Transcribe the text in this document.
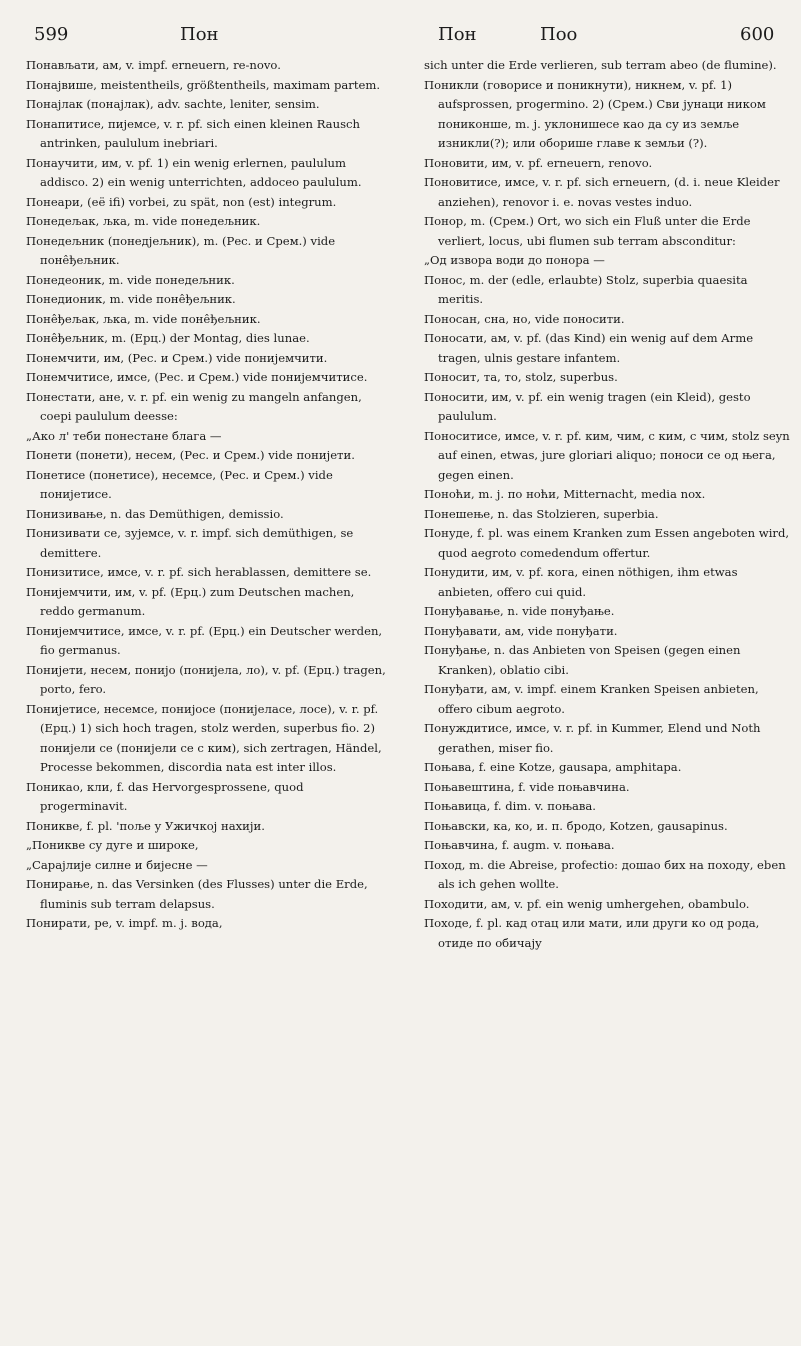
599	Пон	Пон	Поо	600

Понављати, ам, v. impf. erneuern, re-novo.

Понајвише, meistentheils, größtentheils, maximam partem.

Понајлак (понајлак), adv. sachte, leniter, sensim.

Понапитисе, пијемсе, v. r. pf. sich einen kleinen Rausch antrinken, paululum inebriari.

Понаучити, им, v. pf. 1) ein wenig erlernen, paululum addisco. 2) ein wenig unterrichten, addoceo paululum.

Понеари, (её ifi) vorbei, zu spät, non (est) integrum.

Понедељак, љка, m. vide понедељник.

Понедељник (понедјељник), m. (Рес. и Срем.) vide поне̂ђељник.

Понедеоник, m. vide понедељник.

Понедионик, m. vide поне̂ђељник.

Поне̂ђељак, љка, m. vide поне̂ђељник.

Поне̂ђељник, m. (Ерц.) der Montag, dies lunae.

Понемчити, им, (Рес. и Срем.) vide понијемчити.

Понемчитисе, имсе, (Рес. и Срем.) vide понијемчитисе.

Понестати, ане, v. r. pf. ein wenig zu mangeln anfangen, coepi paululum deesse:

„Ако л' теби понестане блага —

Понети (понети), несем, (Рес. и Срем.) vide понијети.

Понетисе (понетисе), несемсе, (Рес. и Срем.) vide понијетисе.

Понизивање, n. das Demüthigen, demissio.

Понизивати се, зујемсе, v. r. impf. sich demüthigen, se demittere.

Понизитисе, имсе, v. r. pf. sich herablassen, demittere se.

Понијемчити, им, v. pf. (Ерц.) zum Deutschen machen, reddo germanum.

Понијемчитисе, имсе, v. r. pf. (Ерц.) ein Deutscher werden, fio germanus.

Понијети, несем, понијо (понијела, ло), v. pf. (Ерц.) tragen, porto, fero.

Понијетисе, несемсе, понијосе (понијеласе, лосе), v. r. pf. (Ерц.) 1) sich hoch tragen, stolz werden, superbus fio. 2) понијели се (понијели се с ким), sich zertragen, Händel, Processe bekommen, discordia nata est inter illos.

Поникао, кли, f. das Hervorgesprossene, quod progerminavit.

Поникве, f. pl. 'поље у Ужичкој нахији.

„Поникве су дуге и широке,

„Сарајлије силне и бијесне —

Понирање, n. das Versinken (des Flusses) unter die Erde, fluminis sub terram delapsus.

Понирати, ре, v. impf. m. j. вода,

sich unter die Erde verlieren, sub terram abeo (de flumine).

Поникли (говорисе и поникнути), никнем, v. pf. 1) aufsprossen, progermino. 2) (Срем.) Сви јунаци ником пониконше, m. j. уклонишесе као да су из земље изникли(?); или оборише главе к земљи (?).

Поновити, им, v. pf. erneuern, renovo.

Поновитисе, имсе, v. r. pf. sich erneuern, (d. i. neue Kleider anziehen), renovor i. e. novas vestes induo.

Понор, m. (Срем.) Ort, wo sich ein Fluß unter die Erde verliert, locus, ubi flumen sub terram absconditur:

„Од извора води до понора —

Понос, m. der (edle, erlaubte) Stolz, superbia quaesita meritis.

Поносан, сна, но, vide поносити.

Поносати, ам, v. pf. (das Kind) ein wenig auf dem Arme tragen, ulnis gestare infantem.

Поносит, та, то, stolz, superbus.

Поносити, им, v. pf. ein wenig tragen (ein Kleid), gesto paululum.

Поноситисе, имсе, v. r. pf. ким, чим, с ким, с чим, stolz seyn auf einen, etwas, jure gloriari aliquo; поноси се од њега, gegen einen.

Поноћи, m. j. по ноћи, Mitternacht, media nox.

Понешење, n. das Stolzieren, superbia.

Понуде, f. pl. was einem Kranken zum Essen angeboten wird, quod aegroto comedendum offertur.

Понудити, им, v. pf. кога, einen nöthigen, ihm etwas anbieten, offero cui quid.

Понуђавање, n. vide понуђање.

Понуђавати, ам, vide понуђати.

Понуђање, n. das Anbieten von Speisen (gegen einen Kranken), oblatio cibi.

Понуђати, ам, v. impf. einem Kranken Speisen anbieten, offero cibum aegroto.

Понуждитисе, имсе, v. r. pf. in Kummer, Elend und Noth gerathen, miser fio.

Поњава, f. eine Kotze, gausapa, amphitapa.

Поњавештина, f. vide поњавчина.

Поњавица, f. dim. v. поњава.

Поњавски, ка, ко, и. п. бродо, Kotzen, gausapinus.

Поњавчина, f. augm. v. поњава.

Поход, m. die Abreise, profectio: дошао бих на походу, eben als ich gehen wollte.

Походити, ам, v. pf. ein wenig umhergehen, obambulo.

Походе, f. pl. кад отац или мати, или други ко од рода, отиде по обичају
